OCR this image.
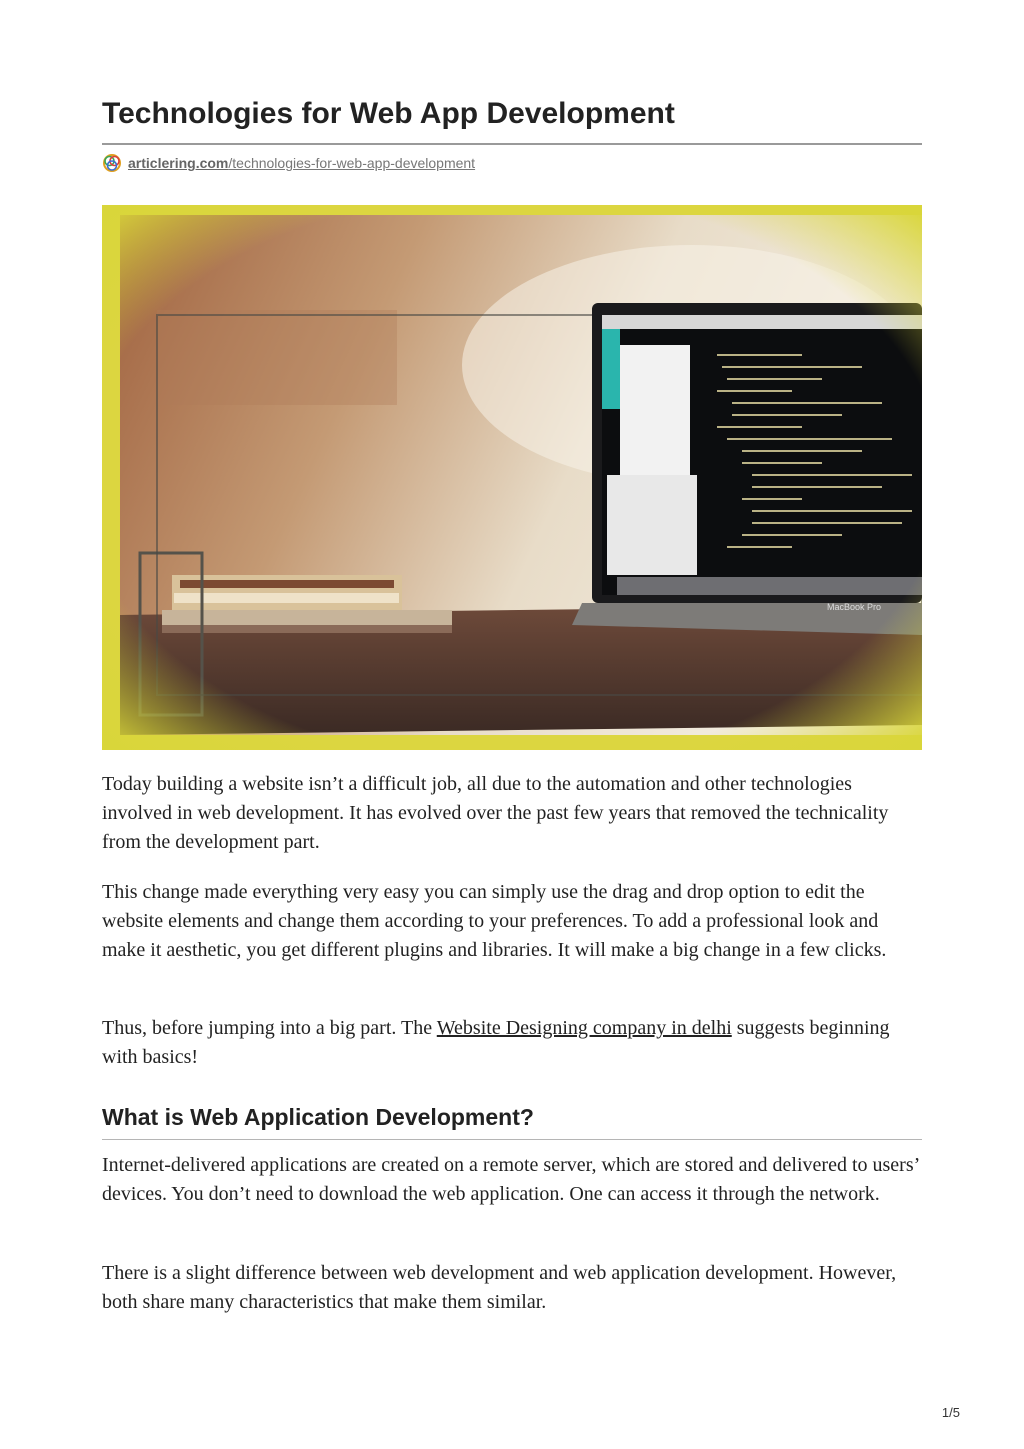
Technologies for Web App Development
articlering.com/technologies-for-web-app-development

Today building a website isn’t a difficult job, all due to the automation and other technologies involved in web development. It has evolved over the past few years that removed the technicality from the development part.

This change made everything very easy you can simply use the drag and drop option to edit the website elements and change them according to your preferences. To add a professional look and make it aesthetic, you get different plugins and libraries. It will make a big change in a few clicks.

Thus, before jumping into a big part. The Website Designing company in delhi suggests beginning with basics!

What is Web Application Development?

Internet-delivered applications are created on a remote server, which are stored and delivered to users’ devices. You don’t need to download the web application. One can access it through the network.

There is a slight difference between web development and web application development. However, both share many characteristics that make them similar.

1/5
